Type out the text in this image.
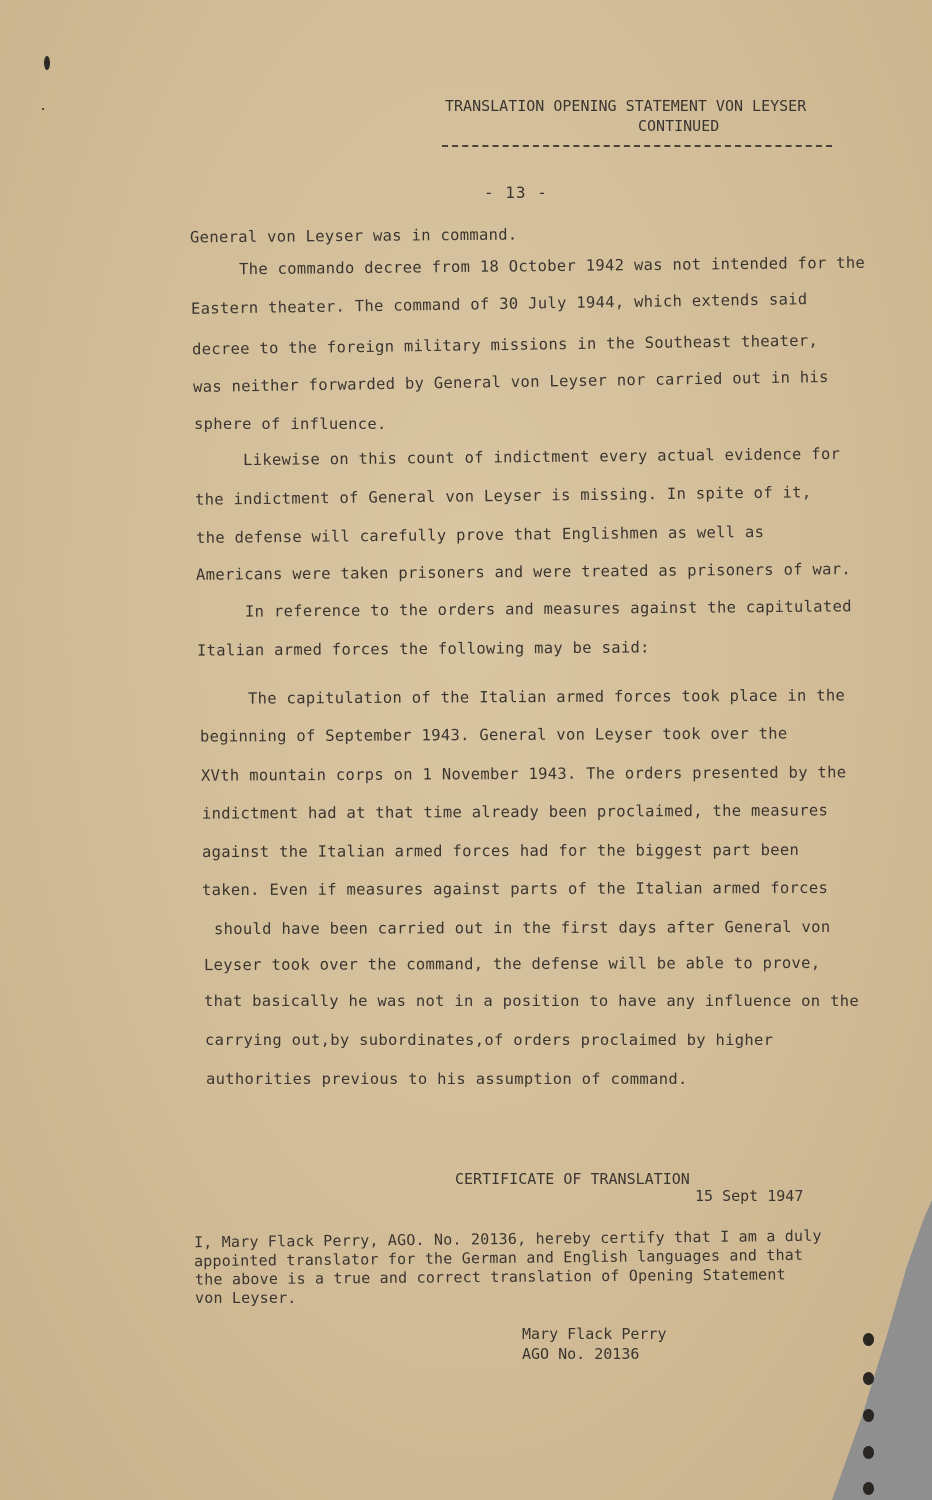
TRANSLATION OPENING STATEMENT VON LEYSER
CONTINUED
- 13 -
General von Leyser was in command.
The commando decree from 18 October 1942 was not intended for the
Eastern theater. The command of 30 July 1944, which extends said
decree to the foreign military missions in the Southeast theater,
was neither forwarded by General von Leyser nor carried out in his
sphere of influence.
Likewise on this count of indictment every actual evidence for
the indictment of General von Leyser is missing. In spite of it,
the defense will carefully prove that Englishmen as well as
Americans were taken prisoners and were treated as prisoners of war.
In reference to the orders and measures against the capitulated
Italian armed forces the following may be said:
The capitulation of the Italian armed forces took place in the
beginning of September 1943. General von Leyser took over the
XVth mountain corps on 1 November 1943. The orders presented by the
indictment had at that time already been proclaimed, the measures
against the Italian armed forces had for the biggest part been
taken. Even if measures against parts of the Italian armed forces
should have been carried out in the first days after General von
Leyser took over the command, the defense will be able to prove,
that basically he was not in a position to have any influence on the
carrying out,by subordinates,of orders proclaimed by higher
authorities previous to his assumption of command.
CERTIFICATE OF TRANSLATION
15 Sept 1947
I, Mary Flack Perry, AGO. No. 20136, hereby certify that I am a duly
appointed translator for the German and English languages and that
the above is a true and correct translation of Opening Statement
von Leyser.
Mary Flack Perry
AGO No. 20136
